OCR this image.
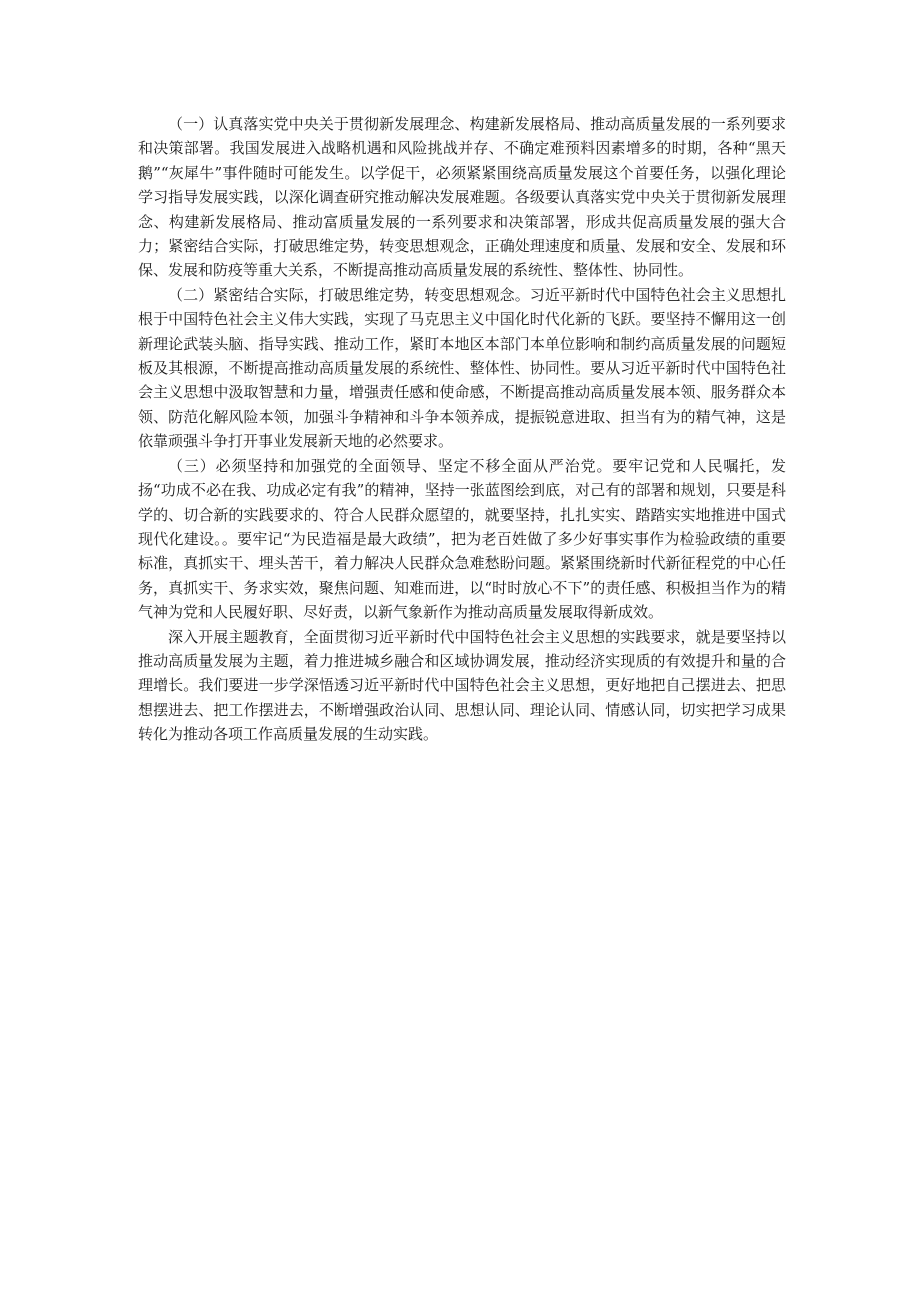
（一）认真落实党中央关于贯彻新发展理念、构建新发展格局、推动高质量发展的一系列要求和决策部署。我国发展进入战略机遇和风险挑战并存、不确定难预料因素增多的时期，各种“黑天鹅”“灰犀牛”事件随时可能发生。以学促干，必须紧紧围绕高质量发展这个首要任务，以强化理论学习指导发展实践，以深化调查研究推动解决发展难题。各级要认真落实党中央关于贯彻新发展理念、构建新发展格局、推动富质量发展的一系列要求和决策部署，形成共促高质量发展的强大合力；紧密结合实际，打破思维定势，转变思想观念，正确处理速度和质量、发展和安全、发展和环保、发展和防疫等重大关系，不断提高推动高质量发展的系统性、整体性、协同性。

（二）紧密结合实际，打破思维定势，转变思想观念。习近平新时代中国特色社会主义思想扎根于中国特色社会主义伟大实践，实现了马克思主义中国化时代化新的飞跃。要坚持不懈用这一创新理论武装头脑、指导实践、推动工作，紧盯本地区本部门本单位影响和制约高质量发展的问题短板及其根源，不断提高推动高质量发展的系统性、整体性、协同性。要从习近平新时代中国特色社会主义思想中汲取智慧和力量，增强责任感和使命感，不断提高推动高质量发展本领、服务群众本领、防范化解风险本领，加强斗争精神和斗争本领养成，提振锐意进取、担当有为的精气神，这是依靠顽强斗争打开事业发展新天地的必然要求。

（三）必须坚持和加强党的全面领导、坚定不移全面从严治党。要牢记党和人民嘱托，发扬“功成不必在我、功成必定有我”的精神，坚持一张蓝图绘到底，对己有的部署和规划，只要是科学的、切合新的实践要求的、符合人民群众愿望的，就要坚持，扎扎实实、踏踏实实地推进中国式现代化建设。。要牢记“为民造福是最大政绩”，把为老百姓做了多少好事实事作为检验政绩的重要标准，真抓实干、埋头苦干，着力解决人民群众急难愁盼问题。紧紧围绕新时代新征程党的中心任务，真抓实干、务求实效，聚焦问题、知难而进，以“时时放心不下”的责任感、积极担当作为的精气神为党和人民履好职、尽好责，以新气象新作为推动高质量发展取得新成效。

深入开展主题教育，全面贯彻习近平新时代中国特色社会主义思想的实践要求，就是要坚持以推动高质量发展为主题，着力推进城乡融合和区域协调发展，推动经济实现质的有效提升和量的合理增长。我们要进一步学深悟透习近平新时代中国特色社会主义思想，更好地把自己摆进去、把思想摆进去、把工作摆进去，不断增强政治认同、思想认同、理论认同、情感认同，切实把学习成果转化为推动各项工作高质量发展的生动实践。
